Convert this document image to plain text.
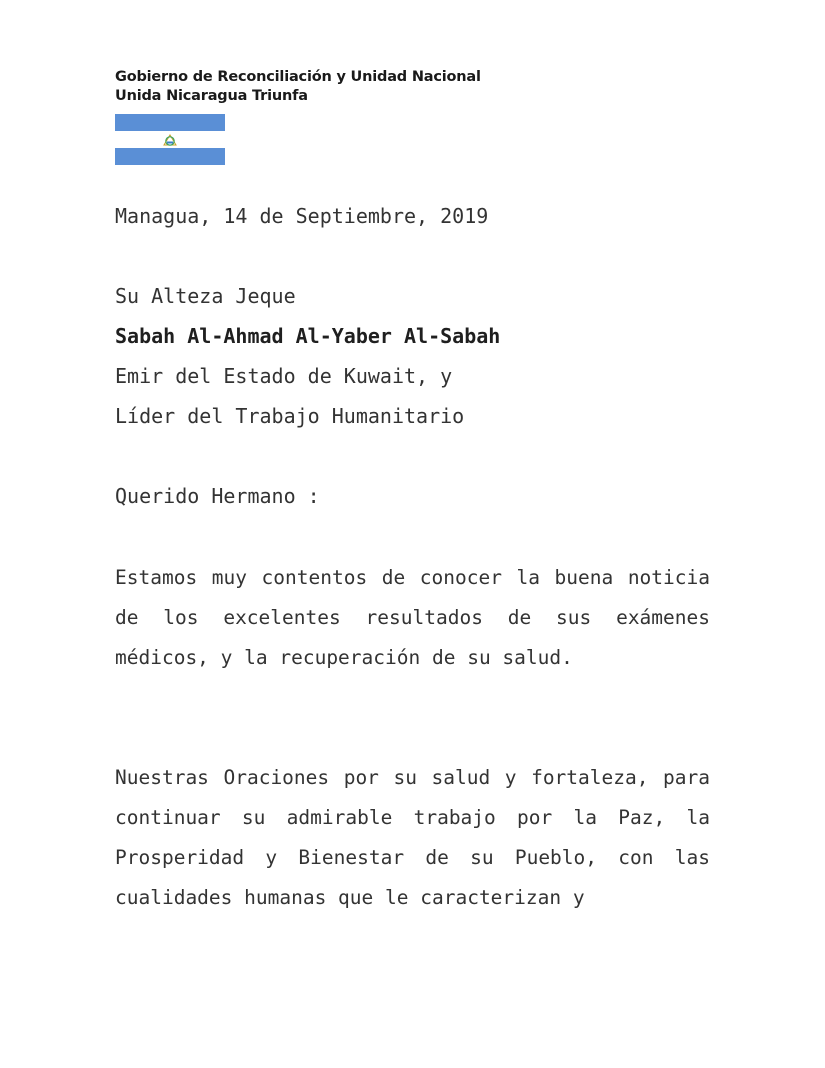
Gobierno de Reconciliación y Unidad Nacional
Unida Nicaragua Triunfa
Managua, 14 de Septiembre, 2019
Su Alteza Jeque
Sabah Al-Ahmad Al-Yaber Al-Sabah
Emir del Estado de Kuwait, y
Líder del Trabajo Humanitario
Querido Hermano :
Estamos muy contentos de conocer la buena noticia de los excelentes resultados de sus exámenes médicos, y la recuperación de su salud.
Nuestras Oraciones por su salud y fortaleza, para continuar su admirable trabajo por la Paz, la Prosperidad y Bienestar de su Pueblo, con las cualidades humanas que le caracterizan y
